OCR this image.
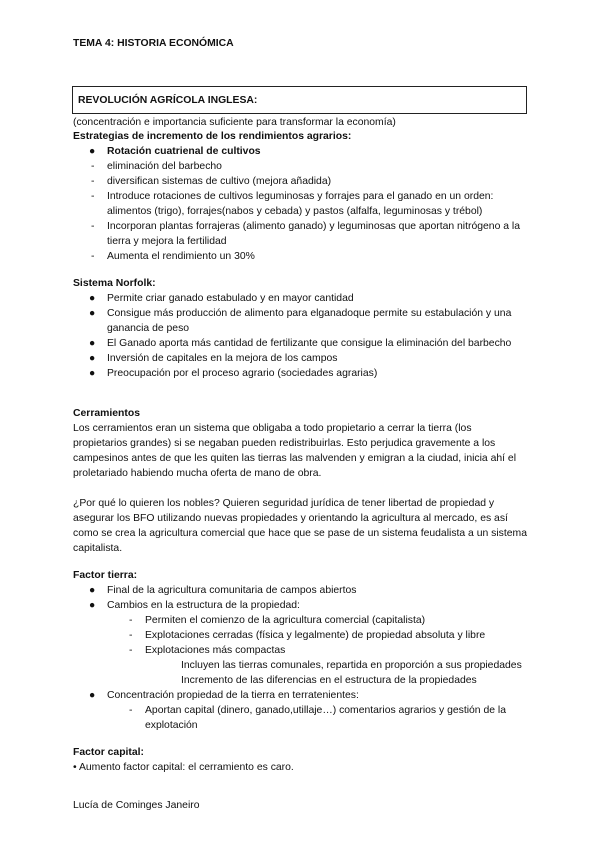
TEMA 4: HISTORIA ECONÓMICA
REVOLUCIÓN AGRÍCOLA INGLESA:
(concentración e importancia suficiente para transformar la economía)
Estrategias de incremento de los rendimientos agrarios:
● Rotación cuatrienal de cultivos
- eliminación del barbecho
- diversifican sistemas de cultivo (mejora añadida)
- Introduce rotaciones de cultivos leguminosas y forrajes para el ganado en un orden: alimentos (trigo), forrajes(nabos y cebada) y pastos (alfalfa, leguminosas y trébol)
- Incorporan plantas forrajeras (alimento ganado) y leguminosas que aportan nitrógeno a la tierra y mejora la fertilidad
- Aumenta el rendimiento un 30%
Sistema Norfolk:
● Permite criar ganado estabulado y en mayor cantidad
● Consigue más producción de alimento para elganadoque permite su estabulación y una ganancia de peso
● El Ganado aporta más cantidad de fertilizante que consigue la eliminación del barbecho
● Inversión de capitales en la mejora de los campos
● Preocupación por el proceso agrario (sociedades agrarias)
Cerramientos
Los cerramientos eran un sistema que obligaba a todo propietario a cerrar la tierra (los propietarios grandes) si se negaban pueden redistribuirlas. Esto perjudica gravemente a los campesinos antes de que les quiten las tierras las malvenden y emigran a la ciudad, inicia ahí el proletariado habiendo mucha oferta de mano de obra.
¿Por qué lo quieren los nobles? Quieren seguridad jurídica de tener libertad de propiedad y asegurar los BFO utilizando nuevas propiedades y orientando la agricultura al mercado, es así como se crea la agricultura comercial que hace que se pase de un sistema feudalista a un sistema capitalista.
Factor tierra:
● Final de la agricultura comunitaria de campos abiertos
● Cambios en la estructura de la propiedad:
- Permiten el comienzo de la agricultura comercial (capitalista)
- Explotaciones cerradas (física y legalmente) de propiedad absoluta y libre
- Explotaciones más compactas
Incluyen las tierras comunales, repartida en proporción a sus propiedades
Incremento de las diferencias en el estructura de la propiedades
● Concentración propiedad de la tierra en terratenientes:
- Aportan capital (dinero, ganado,utillaje…) comentarios agrarios y gestión de la explotación
Factor capital:
• Aumento factor capital: el cerramiento es caro.
Lucía de Cominges Janeiro
